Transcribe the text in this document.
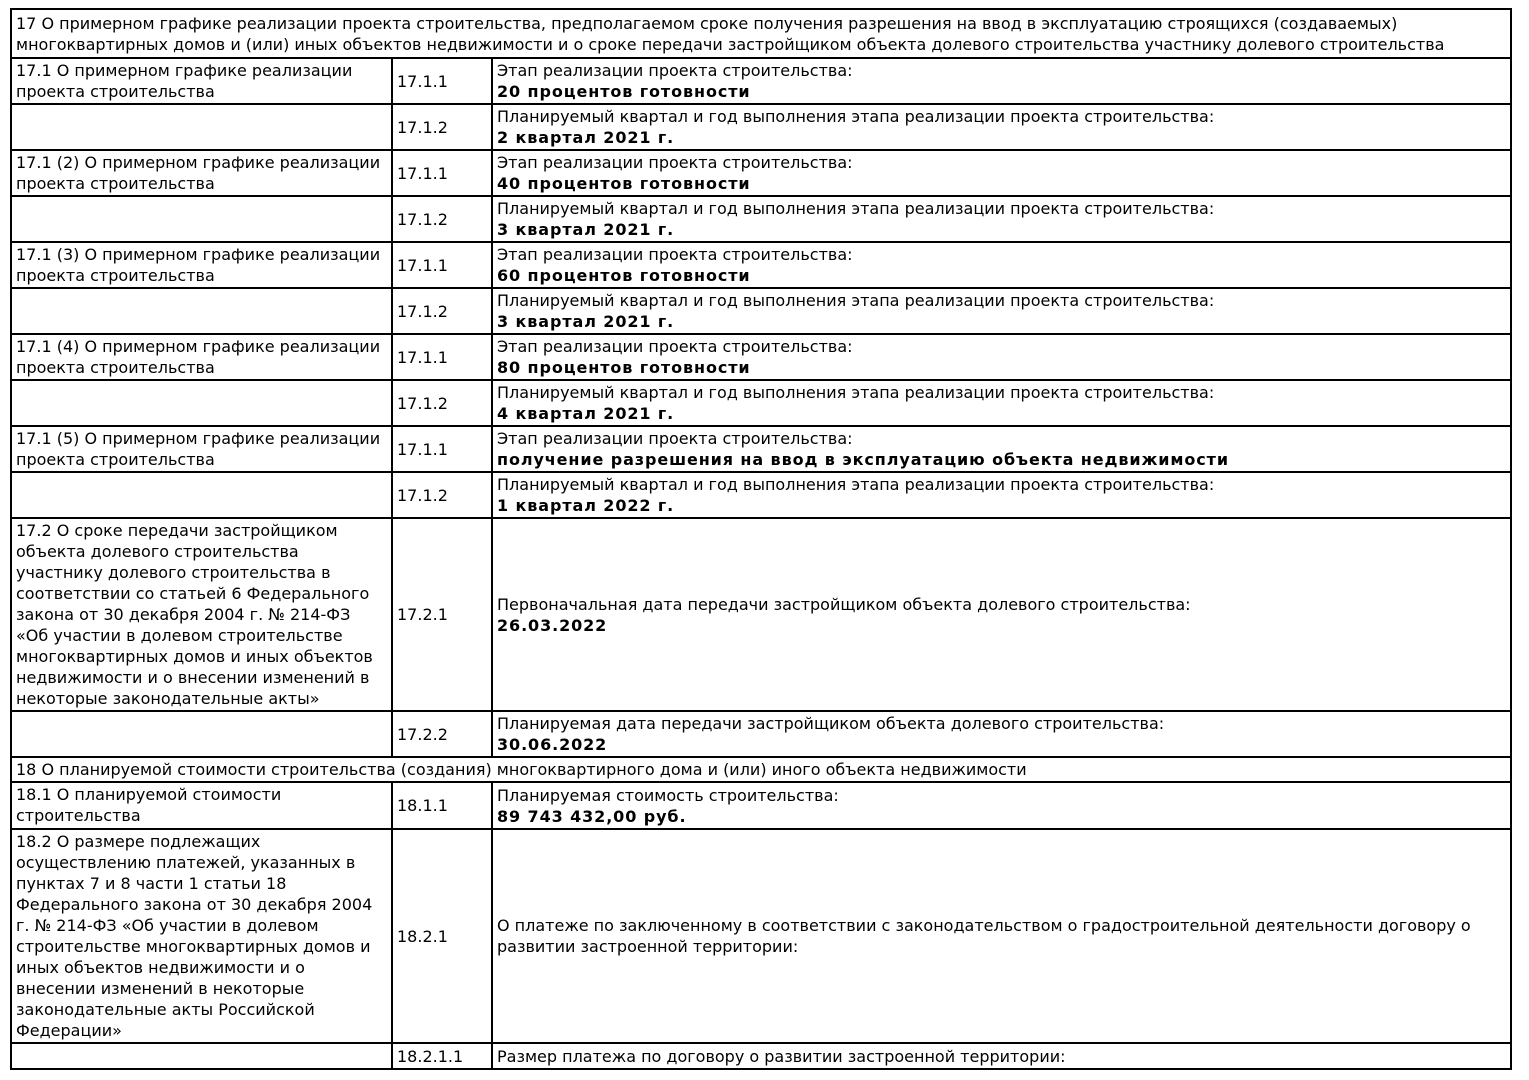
17 О примерном графике реализации проекта строительства, предполагаемом сроке получения разрешения на ввод в эксплуатацию строящихся (создаваемых) многоквартирных домов и (или) иных объектов недвижимости и о сроке передачи застройщиком объекта долевого строительства участнику долевого строительства		
17.1 О примерном графике реализации проекта строительства	17.1.1	Этап реализации проекта строительства:
20 процентов готовности

	17.1.2	Планируемый квартал и год выполнения этапа реализации проекта строительства:
2 квартал 2021 г.

17.1 (2) О примерном графике реализации проекта строительства	17.1.1	Этап реализации проекта строительства:
40 процентов готовности

	17.1.2	Планируемый квартал и год выполнения этапа реализации проекта строительства:
3 квартал 2021 г.

17.1 (3) О примерном графике реализации проекта строительства	17.1.1	Этап реализации проекта строительства:
60 процентов готовности

	17.1.2	Планируемый квартал и год выполнения этапа реализации проекта строительства:
3 квартал 2021 г.

17.1 (4) О примерном графике реализации проекта строительства	17.1.1	Этап реализации проекта строительства:
80 процентов готовности

	17.1.2	Планируемый квартал и год выполнения этапа реализации проекта строительства:
4 квартал 2021 г.

17.1 (5) О примерном графике реализации проекта строительства	17.1.1	Этап реализации проекта строительства:
получение разрешения на ввод в эксплуатацию объекта недвижимости

	17.1.2	Планируемый квартал и год выполнения этапа реализации проекта строительства:
1 квартал 2022 г.

17.2 О сроке передачи застройщиком объекта долевого строительства участнику долевого строительства в соответствии со статьей 6 Федерального закона от 30 декабря 2004 г. № 214-ФЗ «Об участии в долевом строительстве многоквартирных домов и иных объектов недвижимости и о внесении изменений в некоторые законодательные акты»	17.2.1	Первоначальная дата передачи застройщиком объекта долевого строительства:
26.03.2022

	17.2.2	Планируемая дата передачи застройщиком объекта долевого строительства:
30.06.2022

18 О планируемой стоимости строительства (создания) многоквартирного дома и (или) иного объекта недвижимости		
18.1 О планируемой стоимости строительства	18.1.1	Планируемая стоимость строительства:
89 743 432,00 руб.

18.2 О размере подлежащих осуществлению платежей, указанных в пунктах 7 и 8 части 1 статьи 18 Федерального закона от 30 декабря 2004 г. № 214-ФЗ «Об участии в долевом строительстве многоквартирных домов и иных объектов недвижимости и о внесении изменений в некоторые законодательные акты Российской Федерации»	18.2.1	О платеже по заключенному в соответствии с законодательством о градостроительной деятельности договору о развитии застроенной территории:

	18.2.1.1	Размер платежа по договору о развитии застроенной территории:
